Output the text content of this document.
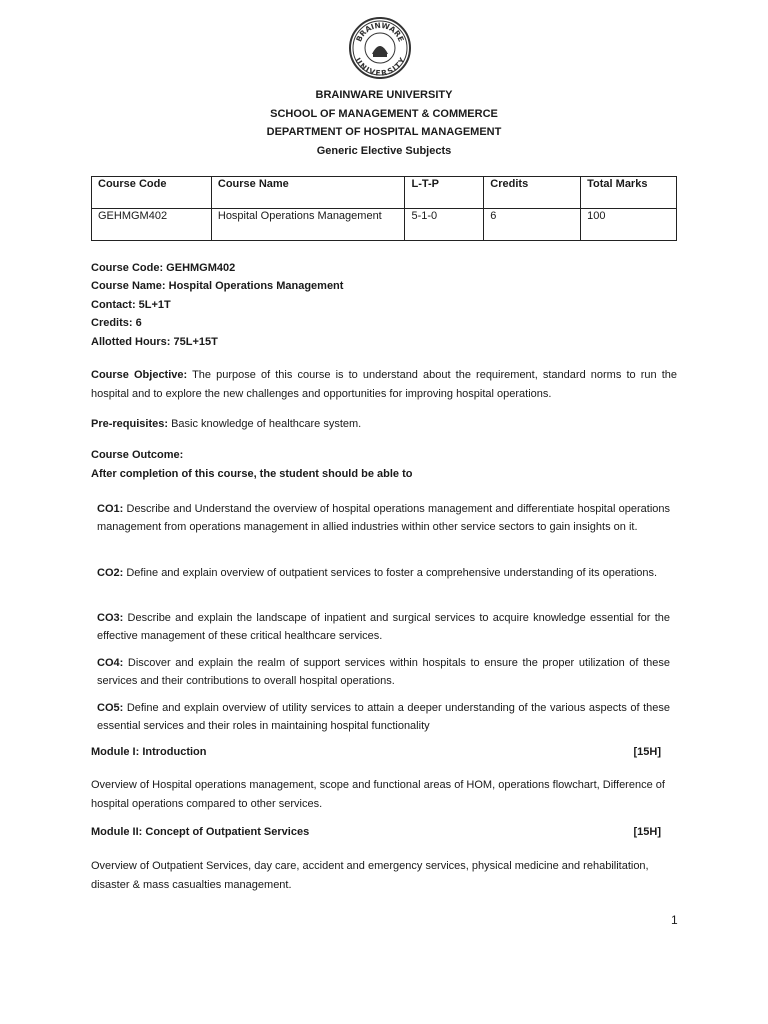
BRAINWARE
UNIVERSITY
BRAINWARE UNIVERSITY
SCHOOL OF MANAGEMENT & COMMERCE
DEPARTMENT OF HOSPITAL MANAGEMENT
Generic Elective Subjects
Course Code	Course Name	L-T-P	Credits	Total Marks
GEHMGM402	Hospital Operations Management	5-1-0	6	100
Course Code: GEHMGM402
Course Name: Hospital Operations Management
Contact: 5L+1T
Credits: 6
Allotted Hours: 75L+15T
Course Objective: The purpose of this course is to understand about the requirement, standard norms to run the hospital and to explore the new challenges and opportunities for improving hospital operations.
Pre-requisites: Basic knowledge of healthcare system.
Course Outcome:
After completion of this course, the student should be able to
CO1: Describe and Understand the overview of hospital operations management and differentiate hospital operations management from operations management in allied industries within other service sectors to gain insights on it.
CO2: Define and explain overview of outpatient services to foster a comprehensive understanding of its operations.
CO3: Describe and explain the landscape of inpatient and surgical services to acquire knowledge essential for the effective management of these critical healthcare services.
CO4: Discover and explain the realm of support services within hospitals to ensure the proper utilization of these services and their contributions to overall hospital operations.
CO5: Define and explain overview of utility services to attain a deeper understanding of the various aspects of these essential services and their roles in maintaining hospital functionality
Module I: Introduction	[15H]
Overview of Hospital operations management, scope and functional areas of HOM, operations flowchart, Difference of hospital operations compared to other services.
Module II: Concept of Outpatient Services	[15H]
Overview of Outpatient Services, day care, accident and emergency services, physical medicine and rehabilitation, disaster & mass casualties management.
1
